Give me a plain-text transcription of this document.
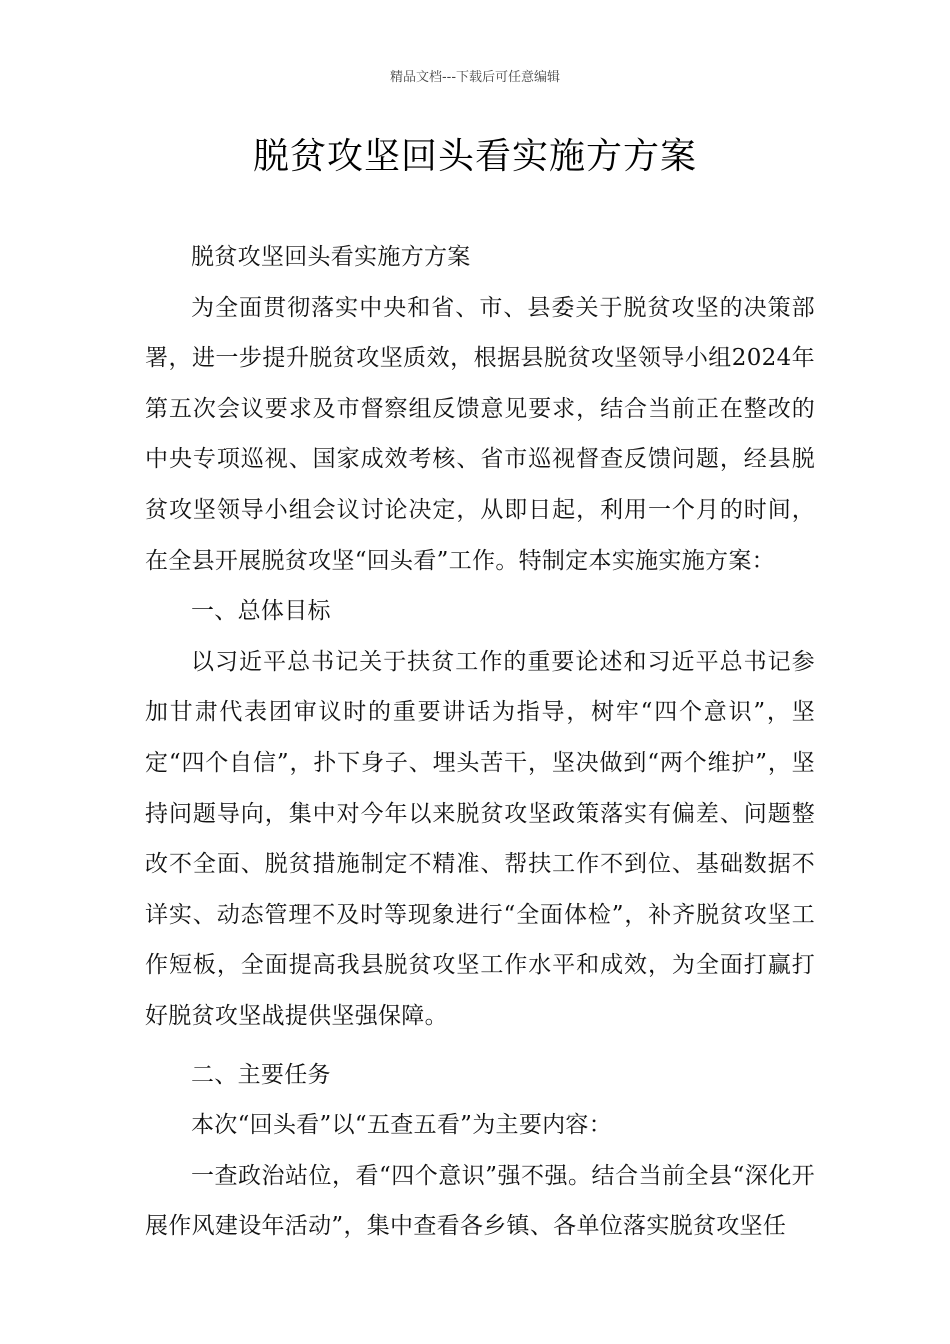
精品文档---下载后可任意编辑
脱贫攻坚回头看实施方方案

脱贫攻坚回头看实施方方案

为全面贯彻落实中央和省、市、县委关于脱贫攻坚的决策部署，进一步提升脱贫攻坚质效，根据县脱贫攻坚领导小组2024年第五次会议要求及市督察组反馈意见要求，结合当前正在整改的中央专项巡视、国家成效考核、省市巡视督查反馈问题，经县脱贫攻坚领导小组会议讨论决定，从即日起，利用一个月的时间，在全县开展脱贫攻坚“回头看”工作。特制定本实施实施方案：

一、总体目标

以习近平总书记关于扶贫工作的重要论述和习近平总书记参加甘肃代表团审议时的重要讲话为指导，树牢“四个意识”，坚定“四个自信”，扑下身子、埋头苦干，坚决做到“两个维护”，坚持问题导向，集中对今年以来脱贫攻坚政策落实有偏差、问题整改不全面、脱贫措施制定不精准、帮扶工作不到位、基础数据不详实、动态管理不及时等现象进行“全面体检”，补齐脱贫攻坚工作短板，全面提高我县脱贫攻坚工作水平和成效，为全面打赢打好脱贫攻坚战提供坚强保障。

二、主要任务

本次“回头看”以“五查五看”为主要内容：

一查政治站位，看“四个意识”强不强。结合当前全县“深化开展作风建设年活动”，集中查看各乡镇、各单位落实脱贫攻坚任
